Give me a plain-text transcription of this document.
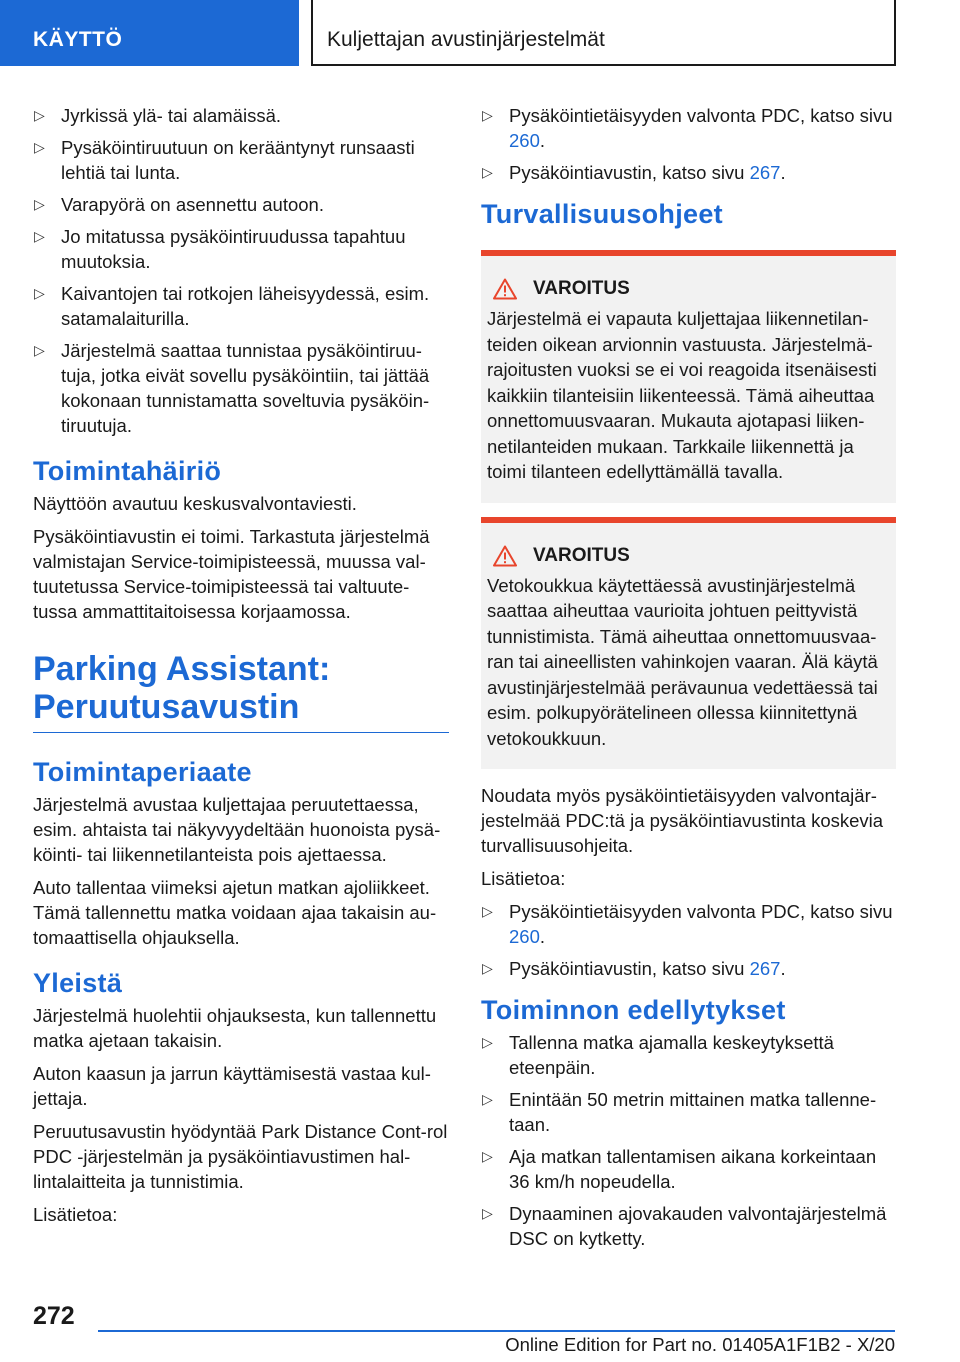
KÄYTTÖ	Kuljettajan avustinjärjestelmät
▷ Jyrkissä ylä- tai alamäissä.
▷ Pysäköintiruutuun on kerääntynyt runsaasti lehtiä tai lunta.
▷ Varapyörä on asennettu autoon.
▷ Jo mitatussa pysäköintiruudussa tapahtuu muutoksia.
▷ Kaivantojen tai rotkojen läheisyydessä, esim. satamalaiturilla.
▷ Järjestelmä saattaa tunnistaa pysäköintiruu‐tuja, jotka eivät sovellu pysäköintiin, tai jättää kokonaan tunnistamatta soveltuvia pysäköin‐tiruutuja.
Toimintahäiriö

Näyttöön avautuu keskusvalvontaviesti.

Pysäköintiavustin ei toimi. Tarkastuta järjestelmä valmistajan Service-toimipisteessä, muussa val‐tuutetussa Service-toimipisteessä tai valtuute‐tussa ammattitaitoisessa korjaamossa.

Parking Assistant: Peruutusavustin
Toimintaperiaate

Järjestelmä avustaa kuljettajaa peruutettaessa, esim. ahtaista tai näkyvyydeltään huonoista pysä‐köinti- tai liikennetilanteista pois ajettaessa.

Auto tallentaa viimeksi ajetun matkan ajoliikkeet. Tämä tallennettu matka voidaan ajaa takaisin au‐tomaattisella ohjauksella.

Yleistä

Järjestelmä huolehtii ohjauksesta, kun tallennettu matka ajetaan takaisin.

Auton kaasun ja jarrun käyttämisestä vastaa kul‐jettaja.

Peruutusavustin hyödyntää Park Distance Cont‐rol PDC -järjestelmän ja pysäköintiavustimen hal‐lintalaitteita ja tunnistimia.

Lisätietoa:

▷ Pysäköintietäisyyden valvonta PDC, katso sivu 260.
▷ Pysäköintiavustin, katso sivu 267.
Turvallisuusohjeet
VAROITUS
Järjestelmä ei vapauta kuljettajaa liikennetilan‐teiden oikean arvionnin vastuusta. Järjestelmä‐rajoitusten vuoksi se ei voi reagoida itsenäisesti kaikkiin tilanteisiin liikenteessä. Tämä aiheuttaa onnettomuusvaaran. Mukauta ajotapasi liiken‐netilanteiden mukaan. Tarkkaile liikennettä ja toimi tilanteen edellyttämällä tavalla.
VAROITUS
Vetokoukkua käytettäessä avustinjärjestelmä saattaa aiheuttaa vaurioita johtuen peittyvistä tunnistimista. Tämä aiheuttaa onnettomuusvaa‐ran tai aineellisten vahinkojen vaaran. Älä käytä avustinjärjestelmää perävaunua vedettäessä tai esim. polkupyörätelineen ollessa kiinnitettynä vetokoukkuun.

Noudata myös pysäköintietäisyyden valvontajär‐jestelmää PDC:tä ja pysäköintiavustinta koskevia turvallisuusohjeita.

Lisätietoa:

▷ Pysäköintietäisyyden valvonta PDC, katso sivu 260.
▷ Pysäköintiavustin, katso sivu 267.
Toiminnon edellytykset
▷ Tallenna matka ajamalla keskeytyksettä eteenpäin.
▷ Enintään 50 metrin mittainen matka tallenne‐taan.
▷ Aja matkan tallentamisen aikana korkeintaan 36 km/h nopeudella.
▷ Dynaaminen ajovakauden valvontajärjestelmä DSC on kytketty.
272
Online Edition for Part no. 01405A1F1B2 - X/20
